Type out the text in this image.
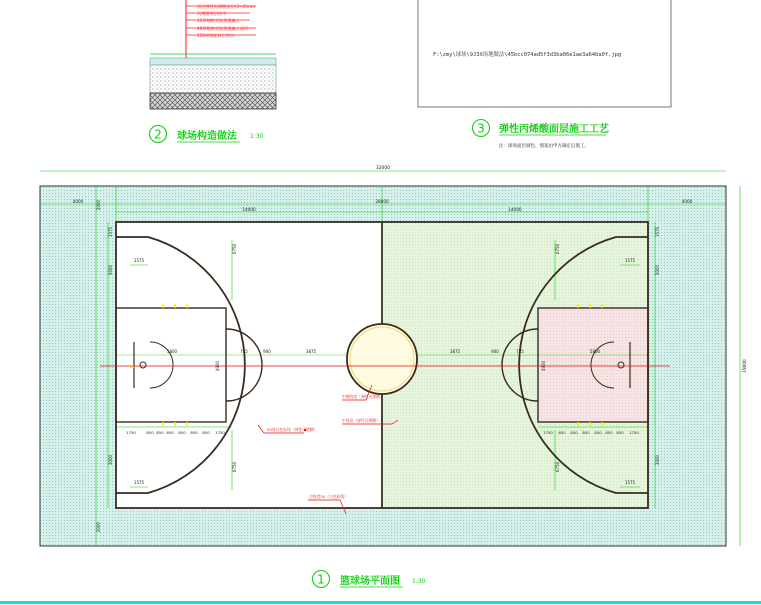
面层弹性丙烯酸涂层(3~4)mm
丙烯酸底层找平
15厚细粒式沥青混凝土
40厚粗粒式沥青混凝土面层
150厚级配碎石垫层
2 球场构造做法 1:30
F:\zmy\球场\9J3X场地做法\45bcc074ad5f3d3ba06e1ae3a64ba0f.jpg
3 弹性丙烯酸面层施工工艺
注：球场面层颜色、图案由甲方确定后施工。
32000
4000	4000
28000
14000	14000
19000
2000
2000
1575	1575
1575	1575
1575
5000
3000
1575
5000
3000
6750
6750
6750
6750
4900	4900
5800	5800
725	725
900	900
3875	3875
1750	850 850 850 850 850 850 1750	1750 850 850 850 850 850 850 1750
50厚白色标线（弹性丙烯酸）
中圈线宽（弹性丙烯酸）
中线宽（弹性丙烯酸）
边线宽50（白色标线）
1 篮球场平面图 1:30
